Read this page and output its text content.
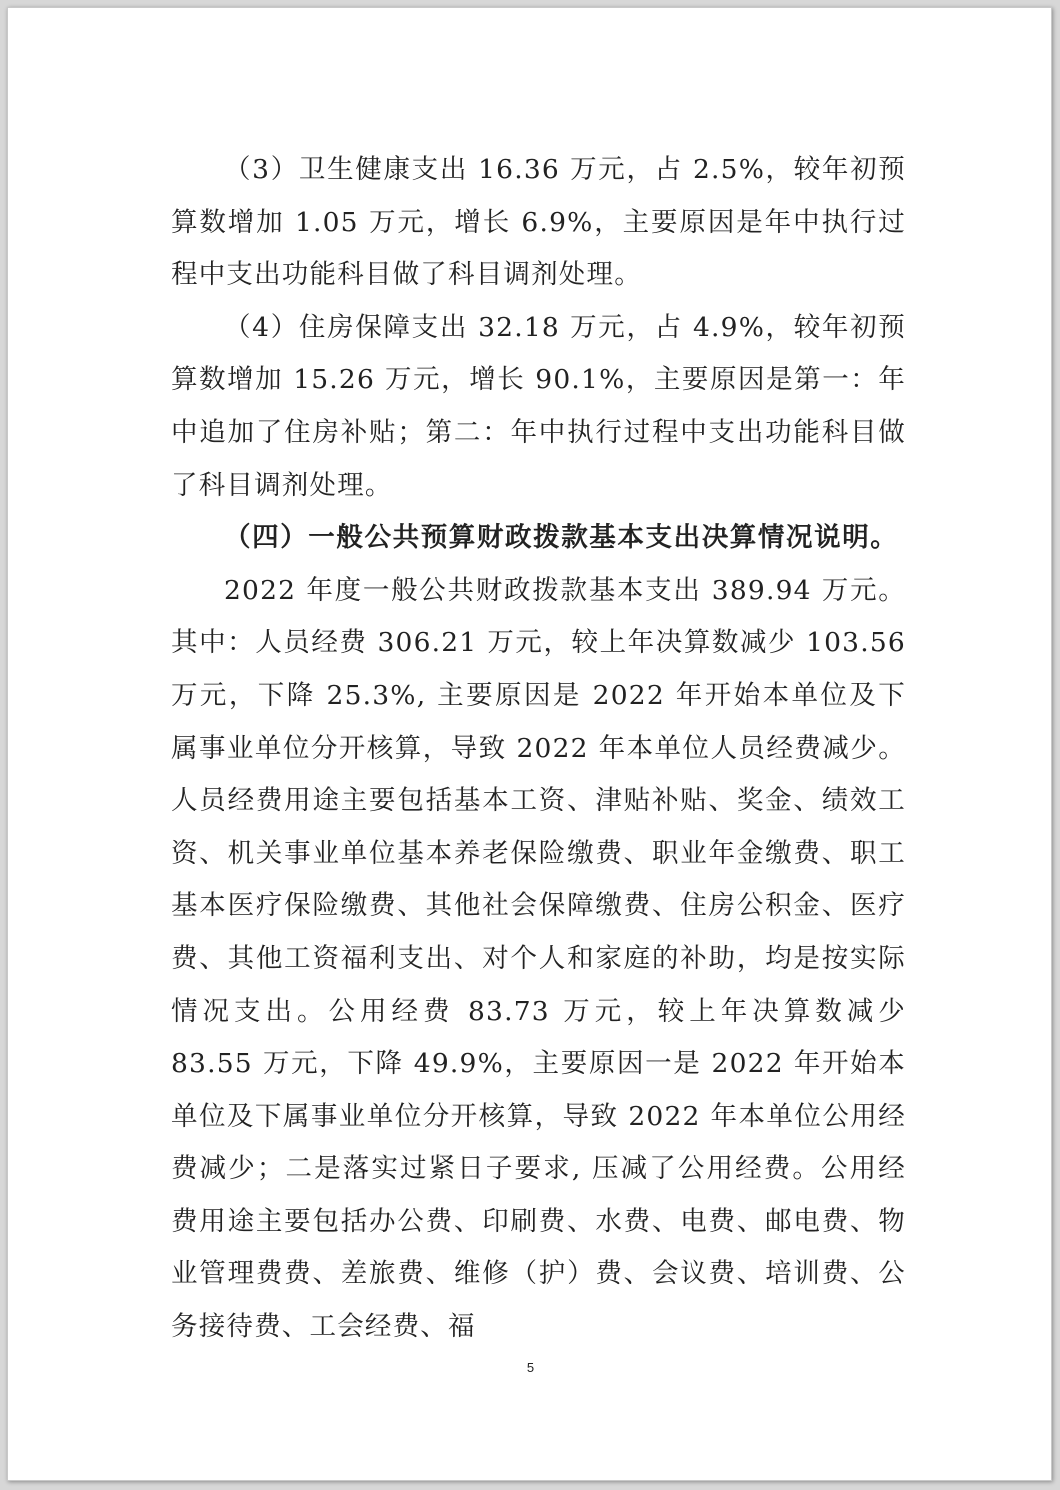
（3）卫生健康支出 16.36 万元，占 2.5%，较年初预算数增加 1.05 万元，增长 6.9%，主要原因是年中执行过程中支出功能科目做了科目调剂处理。

（4）住房保障支出 32.18 万元，占 4.9%，较年初预算数增加 15.26 万元，增长 90.1%，主要原因是第一：年中追加了住房补贴；第二：年中执行过程中支出功能科目做了科目调剂处理。

（四）一般公共预算财政拨款基本支出决算情况说明。

2022 年度一般公共财政拨款基本支出 389.94 万元。其中：人员经费 306.21 万元，较上年决算数减少 103.56 万元，下降 25.3%, 主要原因是 2022 年开始本单位及下属事业单位分开核算，导致 2022 年本单位人员经费减少。人员经费用途主要包括基本工资、津贴补贴、奖金、绩效工资、机关事业单位基本养老保险缴费、职业年金缴费、职工基本医疗保险缴费、其他社会保障缴费、住房公积金、医疗费、其他工资福利支出、对个人和家庭的补助，均是按实际情况支出。公用经费 83.73 万元，较上年决算数减少 83.55 万元，下降 49.9%，主要原因一是 2022 年开始本单位及下属事业单位分开核算，导致 2022 年本单位公用经费减少；二是落实过紧日子要求, 压减了公用经费。公用经费用途主要包括办公费、印刷费、水费、电费、邮电费、物业管理费费、差旅费、维修（护）费、会议费、培训费、公务接待费、工会经费、福

5
